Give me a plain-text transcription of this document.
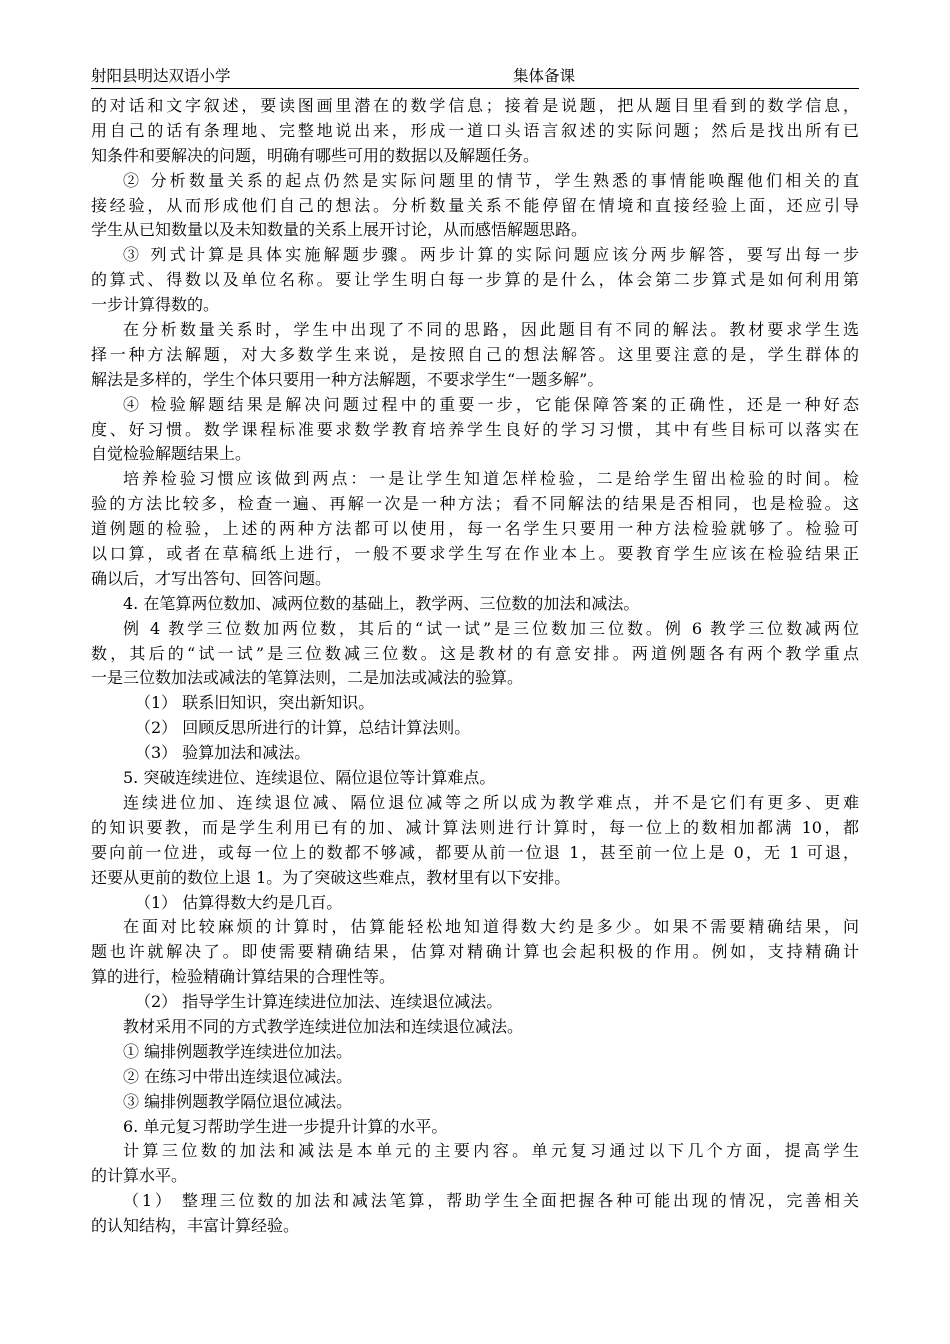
射阳县明达双语小学	集体备课
的对话和文字叙述，要读图画里潜在的数学信息；接着是说题，把从题目里看到的数学信息，
用自己的话有条理地、完整地说出来，形成一道口头语言叙述的实际问题；然后是找出所有已
知条件和要解决的问题，明确有哪些可用的数据以及解题任务。
② 分析数量关系的起点仍然是实际问题里的情节，学生熟悉的事情能唤醒他们相关的直
接经验，从而形成他们自己的想法。分析数量关系不能停留在情境和直接经验上面，还应引导
学生从已知数量以及未知数量的关系上展开讨论，从而感悟解题思路。
③ 列式计算是具体实施解题步骤。两步计算的实际问题应该分两步解答，要写出每一步
的算式、得数以及单位名称。要让学生明白每一步算的是什么，体会第二步算式是如何利用第
一步计算得数的。
在分析数量关系时，学生中出现了不同的思路，因此题目有不同的解法。教材要求学生选
择一种方法解题，对大多数学生来说，是按照自己的想法解答。这里要注意的是，学生群体的
解法是多样的，学生个体只要用一种方法解题，不要求学生“一题多解”。
④ 检验解题结果是解决问题过程中的重要一步，它能保障答案的正确性，还是一种好态
度、好习惯。数学课程标准要求数学教育培养学生良好的学习习惯，其中有些目标可以落实在
自觉检验解题结果上。
培养检验习惯应该做到两点：一是让学生知道怎样检验，二是给学生留出检验的时间。检
验的方法比较多，检查一遍、再解一次是一种方法；看不同解法的结果是否相同，也是检验。这
道例题的检验，上述的两种方法都可以使用，每一名学生只要用一种方法检验就够了。检验可
以口算，或者在草稿纸上进行，一般不要求学生写在作业本上。要教育学生应该在检验结果正
确以后，才写出答句、回答问题。
4. 在笔算两位数加、减两位数的基础上，教学两、三位数的加法和减法。
例 4 教学三位数加两位数，其后的“试一试”是三位数加三位数。例 6 教学三位数减两位
数，其后的“试一试”是三位数减三位数。这是教材的有意安排。两道例题各有两个教学重点
一是三位数加法或减法的笔算法则，二是加法或减法的验算。
（1） 联系旧知识，突出新知识。
（2） 回顾反思所进行的计算，总结计算法则。
（3） 验算加法和减法。
5. 突破连续进位、连续退位、隔位退位等计算难点。
连续进位加、连续退位减、隔位退位减等之所以成为教学难点，并不是它们有更多、更难
的知识要教，而是学生利用已有的加、减计算法则进行计算时，每一位上的数相加都满 10，都
要向前一位进，或每一位上的数都不够减，都要从前一位退 1，甚至前一位上是 0，无 1 可退，
还要从更前的数位上退 1。为了突破这些难点，教材里有以下安排。
（1） 估算得数大约是几百。
在面对比较麻烦的计算时，估算能轻松地知道得数大约是多少。如果不需要精确结果，问
题也许就解决了。即使需要精确结果，估算对精确计算也会起积极的作用。例如，支持精确计
算的进行，检验精确计算结果的合理性等。
（2） 指导学生计算连续进位加法、连续退位减法。
教材采用不同的方式教学连续进位加法和连续退位减法。
① 编排例题教学连续进位加法。
② 在练习中带出连续退位减法。
③ 编排例题教学隔位退位减法。
6. 单元复习帮助学生进一步提升计算的水平。
计算三位数的加法和减法是本单元的主要内容。单元复习通过以下几个方面，提高学生
的计算水平。
（1） 整理三位数的加法和减法笔算，帮助学生全面把握各种可能出现的情况，完善相关
的认知结构，丰富计算经验。
